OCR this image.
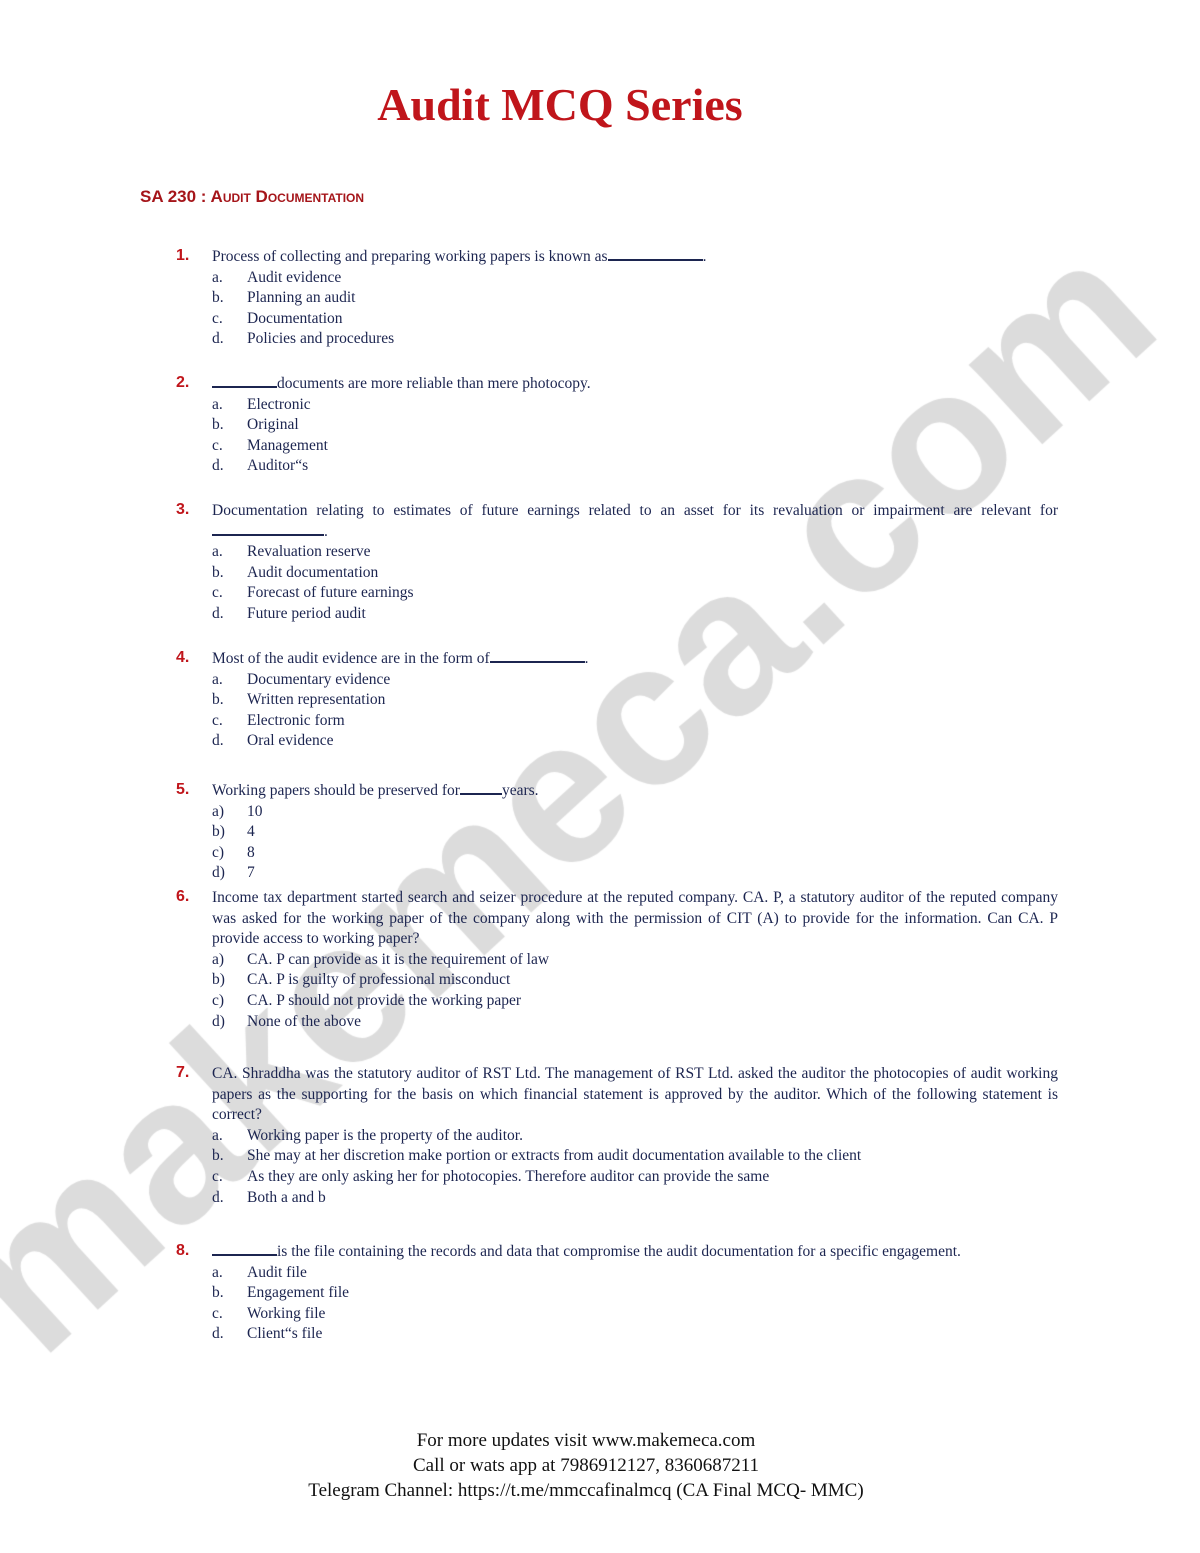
Audit MCQ Series
SA 230 : Audit Documentation
1. Process of collecting and preparing working papers is known as	.
a. Audit evidence
b. Planning an audit
c. Documentation
d. Policies and procedures
2.	documents are more reliable than mere photocopy.
a. Electronic
b. Original
c. Management
d. Auditor“s
3. Documentation relating to estimates of future earnings related to an asset for its revaluation or impairment are relevant for.
a. Revaluation reserve
b. Audit documentation
c. Forecast of future earnings
d. Future period audit
4. Most of the audit evidence are in the form of	.
a. Documentary evidence
b. Written representation
c. Electronic form
d. Oral evidence
5. Working papers should be preserved for	years.
a) 10
b) 4
c) 8
d) 7
6. Income tax department started search and seizer procedure at the reputed company. CA. P, a statutory auditor of the reputed company was asked for the working paper of the company along with the permission of CIT (A) to provide for the information. Can CA. P provide access to working paper?
a) CA. P can provide as it is the requirement of law
b) CA. P is guilty of professional misconduct
c) CA. P should not provide the working paper
d) None of the above
7. CA. Shraddha was the statutory auditor of RST Ltd. The management of RST Ltd. asked the auditor the photocopies of audit working papers as the supporting for the basis on which financial statement is approved by the auditor. Which of the following statement is correct?
a. Working paper is the property of the auditor.
b. She may at her discretion make portion or extracts from audit documentation available to the client
c. As they are only asking her for photocopies. Therefore auditor can provide the same
d. Both a and b
8.	is the file containing the records and data that compromise the audit documentation for a specific engagement.
a. Audit file
b. Engagement file
c. Working file
d. Client“s file
For more updates visit www.makemeca.com
Call or wats app at 7986912127, 8360687211
Telegram Channel: https://t.me/mmccafinalmcq (CA Final MCQ- MMC)
